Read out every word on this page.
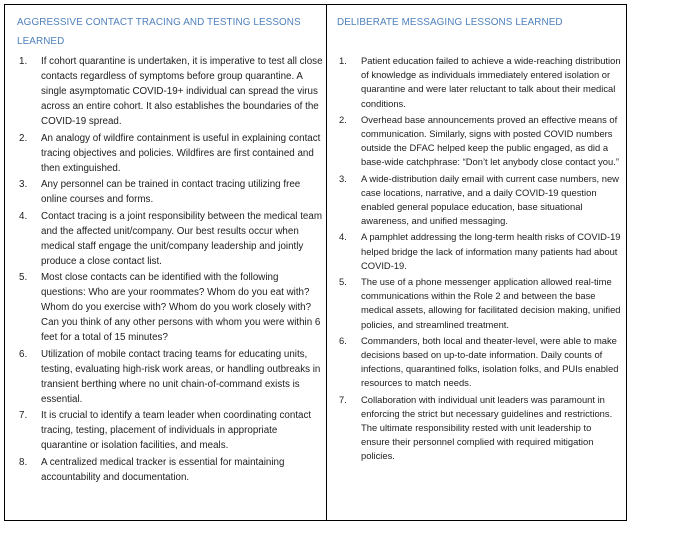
AGGRESSIVE CONTACT TRACING AND TESTING LESSONS LEARNED
1.	If cohort quarantine is undertaken, it is imperative to test all close contacts regardless of symptoms before group quarantine. A single asymptomatic COVID-19+ individual can spread the virus across an entire cohort. It also establishes the boundaries of the COVID-19 spread.
2.	An analogy of wildfire containment is useful in explaining contact tracing objectives and policies. Wildfires are first contained and then extinguished.
3.	Any personnel can be trained in contact tracing utilizing free online courses and forms.
4.	Contact tracing is a joint responsibility between the medical team and the affected unit/company. Our best results occur when medical staff engage the unit/company leadership and jointly produce a close contact list.
5.	Most close contacts can be identified with the following questions: Who are your roommates? Whom do you eat with? Whom do you exercise with? Whom do you work closely with? Can you think of any other persons with whom you were within 6 feet for a total of 15 minutes?
6.	Utilization of mobile contact tracing teams for educating units, testing, evaluating high-risk work areas, or handling outbreaks in transient berthing where no unit chain-of-command exists is essential.
7.	It is crucial to identify a team leader when coordinating contact tracing, testing, placement of individuals in appropriate quarantine or isolation facilities, and meals.
8.	A centralized medical tracker is essential for maintaining accountability and documentation.
DELIBERATE MESSAGING LESSONS LEARNED
1.	Patient education failed to achieve a wide-reaching distribution of knowledge as individuals immediately entered isolation or quarantine and were later reluctant to talk about their medical conditions.
2.	Overhead base announcements proved an effective means of communication. Similarly, signs with posted COVID numbers outside the DFAC helped keep the public engaged, as did a base-wide catchphrase: “Don’t let anybody close contact you.”
3.	A wide-distribution daily email with current case numbers, new case locations, narrative, and a daily COVID-19 question enabled general populace education, base situational awareness, and unified messaging.
4.	A pamphlet addressing the long-term health risks of COVID-19 helped bridge the lack of information many patients had about COVID-19.
5.	The use of a phone messenger application allowed real-time communications within the Role 2 and between the base medical assets, allowing for facilitated decision making, unified policies, and streamlined treatment.
6.	Commanders, both local and theater-level, were able to make decisions based on up-to-date information. Daily counts of infections, quarantined folks, isolation folks, and PUIs enabled resources to match needs.
7.	Collaboration with individual unit leaders was paramount in enforcing the strict but necessary guidelines and restrictions. The ultimate responsibility rested with unit leadership to ensure their personnel complied with required mitigation policies.
